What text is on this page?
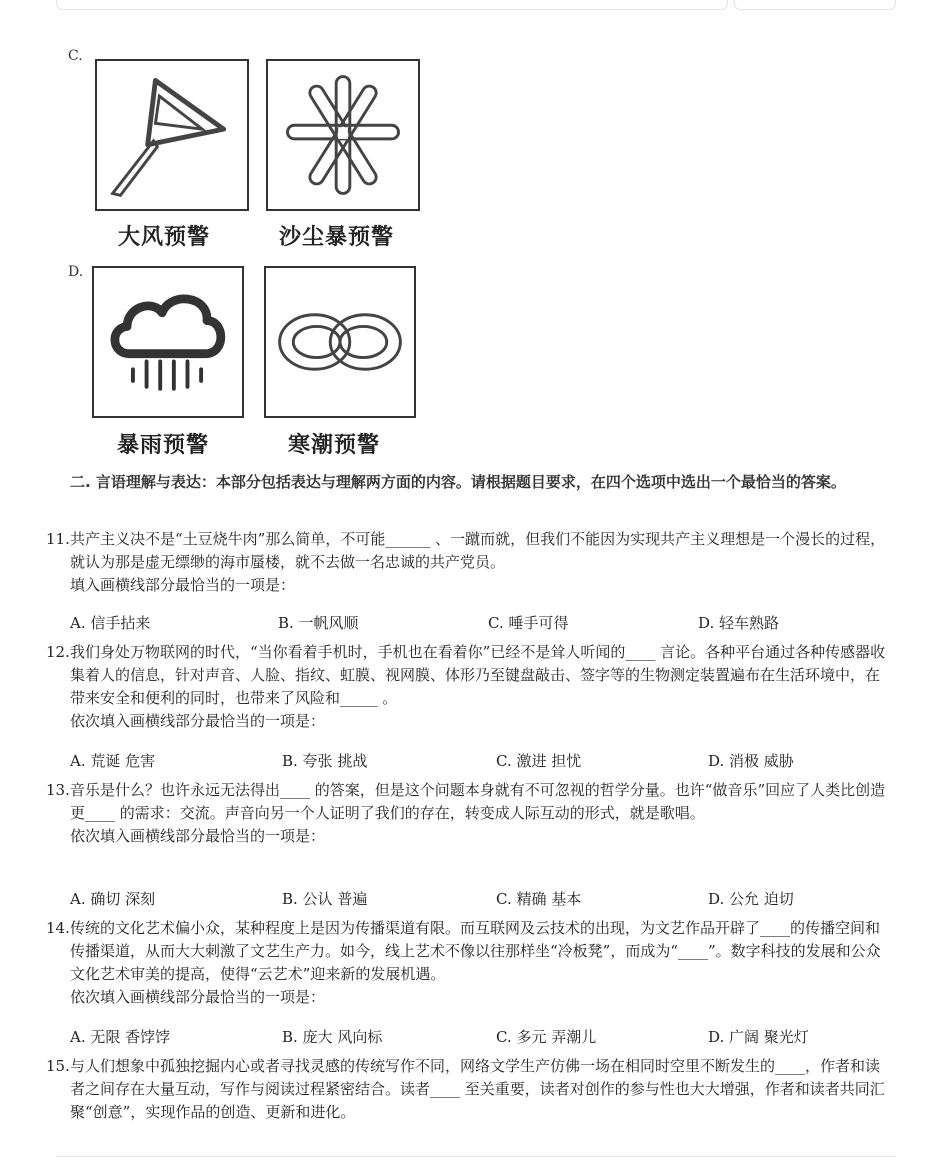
C.
大风预警	沙尘暴预警
D.
暴雨预警	寒潮预警
二. 言语理解与表达：本部分包括表达与理解两方面的内容。请根据题目要求，在四个选项中选出一个最恰当的答案。
11. 共产主义决不是“土豆烧牛肉”那么简单，不可能______ 、一蹴而就，但我们不能因为实现共产主义理想是一个漫长的过程，就认为那是虚无缥缈的海市蜃楼，就不去做一名忠诚的共产党员。

填入画横线部分最恰当的一项是：
A. 信手拈来	B. 一帆风顺	C. 唾手可得	D. 轻车熟路
12. 我们身处万物联网的时代，“当你看着手机时，手机也在看着你”已经不是耸人听闻的____ 言论。各种平台通过各种传感器收集着人的信息，针对声音、人脸、指纹、虹膜、视网膜、体形乃至键盘敲击、签字等的生物测定装置遍布在生活环境中，在带来安全和便利的同时，也带来了风险和_____ 。

依次填入画横线部分最恰当的一项是：
A. 荒诞 危害	B. 夸张 挑战	C. 激进 担忧	D. 消极 威胁
13. 音乐是什么？也许永远无法得出____ 的答案，但是这个问题本身就有不可忽视的哲学分量。也许“做音乐”回应了人类比创造更____ 的需求：交流。声音向另一个人证明了我们的存在，转变成人际互动的形式，就是歌唱。

依次填入画横线部分最恰当的一项是：
A. 确切 深刻	B. 公认 普遍	C. 精确 基本	D. 公允 迫切
14. 传统的文化艺术偏小众，某种程度上是因为传播渠道有限。而互联网及云技术的出现，为文艺作品开辟了____的传播空间和传播渠道，从而大大刺激了文艺生产力。如今，线上艺术不像以往那样坐“冷板凳”，而成为“____”。数字科技的发展和公众文化艺术审美的提高，使得“云艺术”迎来新的发展机遇。

依次填入画横线部分最恰当的一项是：
A. 无限 香饽饽	B. 庞大 风向标	C. 多元 弄潮儿	D. 广阔 聚光灯
15. 与人们想象中孤独挖掘内心或者寻找灵感的传统写作不同，网络文学生产仿佛一场在相同时空里不断发生的____，作者和读者之间存在大量互动，写作与阅读过程紧密结合。读者____ 至关重要，读者对创作的参与性也大大增强，作者和读者共同汇聚“创意”，实现作品的创造、更新和进化。
